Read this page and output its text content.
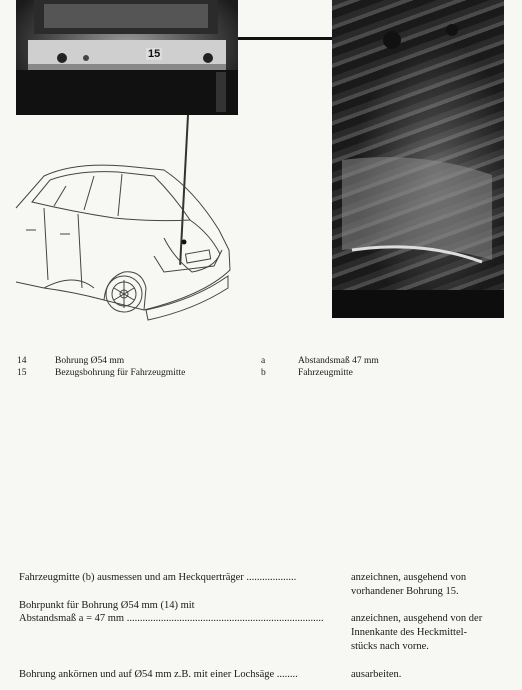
15
14	Bohrung Ø54 mm	a	Abstandsmaß 47 mm
15	Bezugsbohrung für Fahrzeugmitte	b	Fahrzeugmitte
Fahrzeugmitte (b) ausmessen und am Heckquerträger ...................	anzeichnen, ausgehend von
vorhandener Bohrung 15.
Bohrpunkt für Bohrung Ø54 mm (14) mit
Abstandsmaß a = 47 mm ...........................................................................	anzeichnen, ausgehend von der
Innenkante des Heckmittel-
stücks nach vorne.
Bohrung ankörnen und auf Ø54 mm z.B. mit einer Lochsäge ........	ausarbeiten.
